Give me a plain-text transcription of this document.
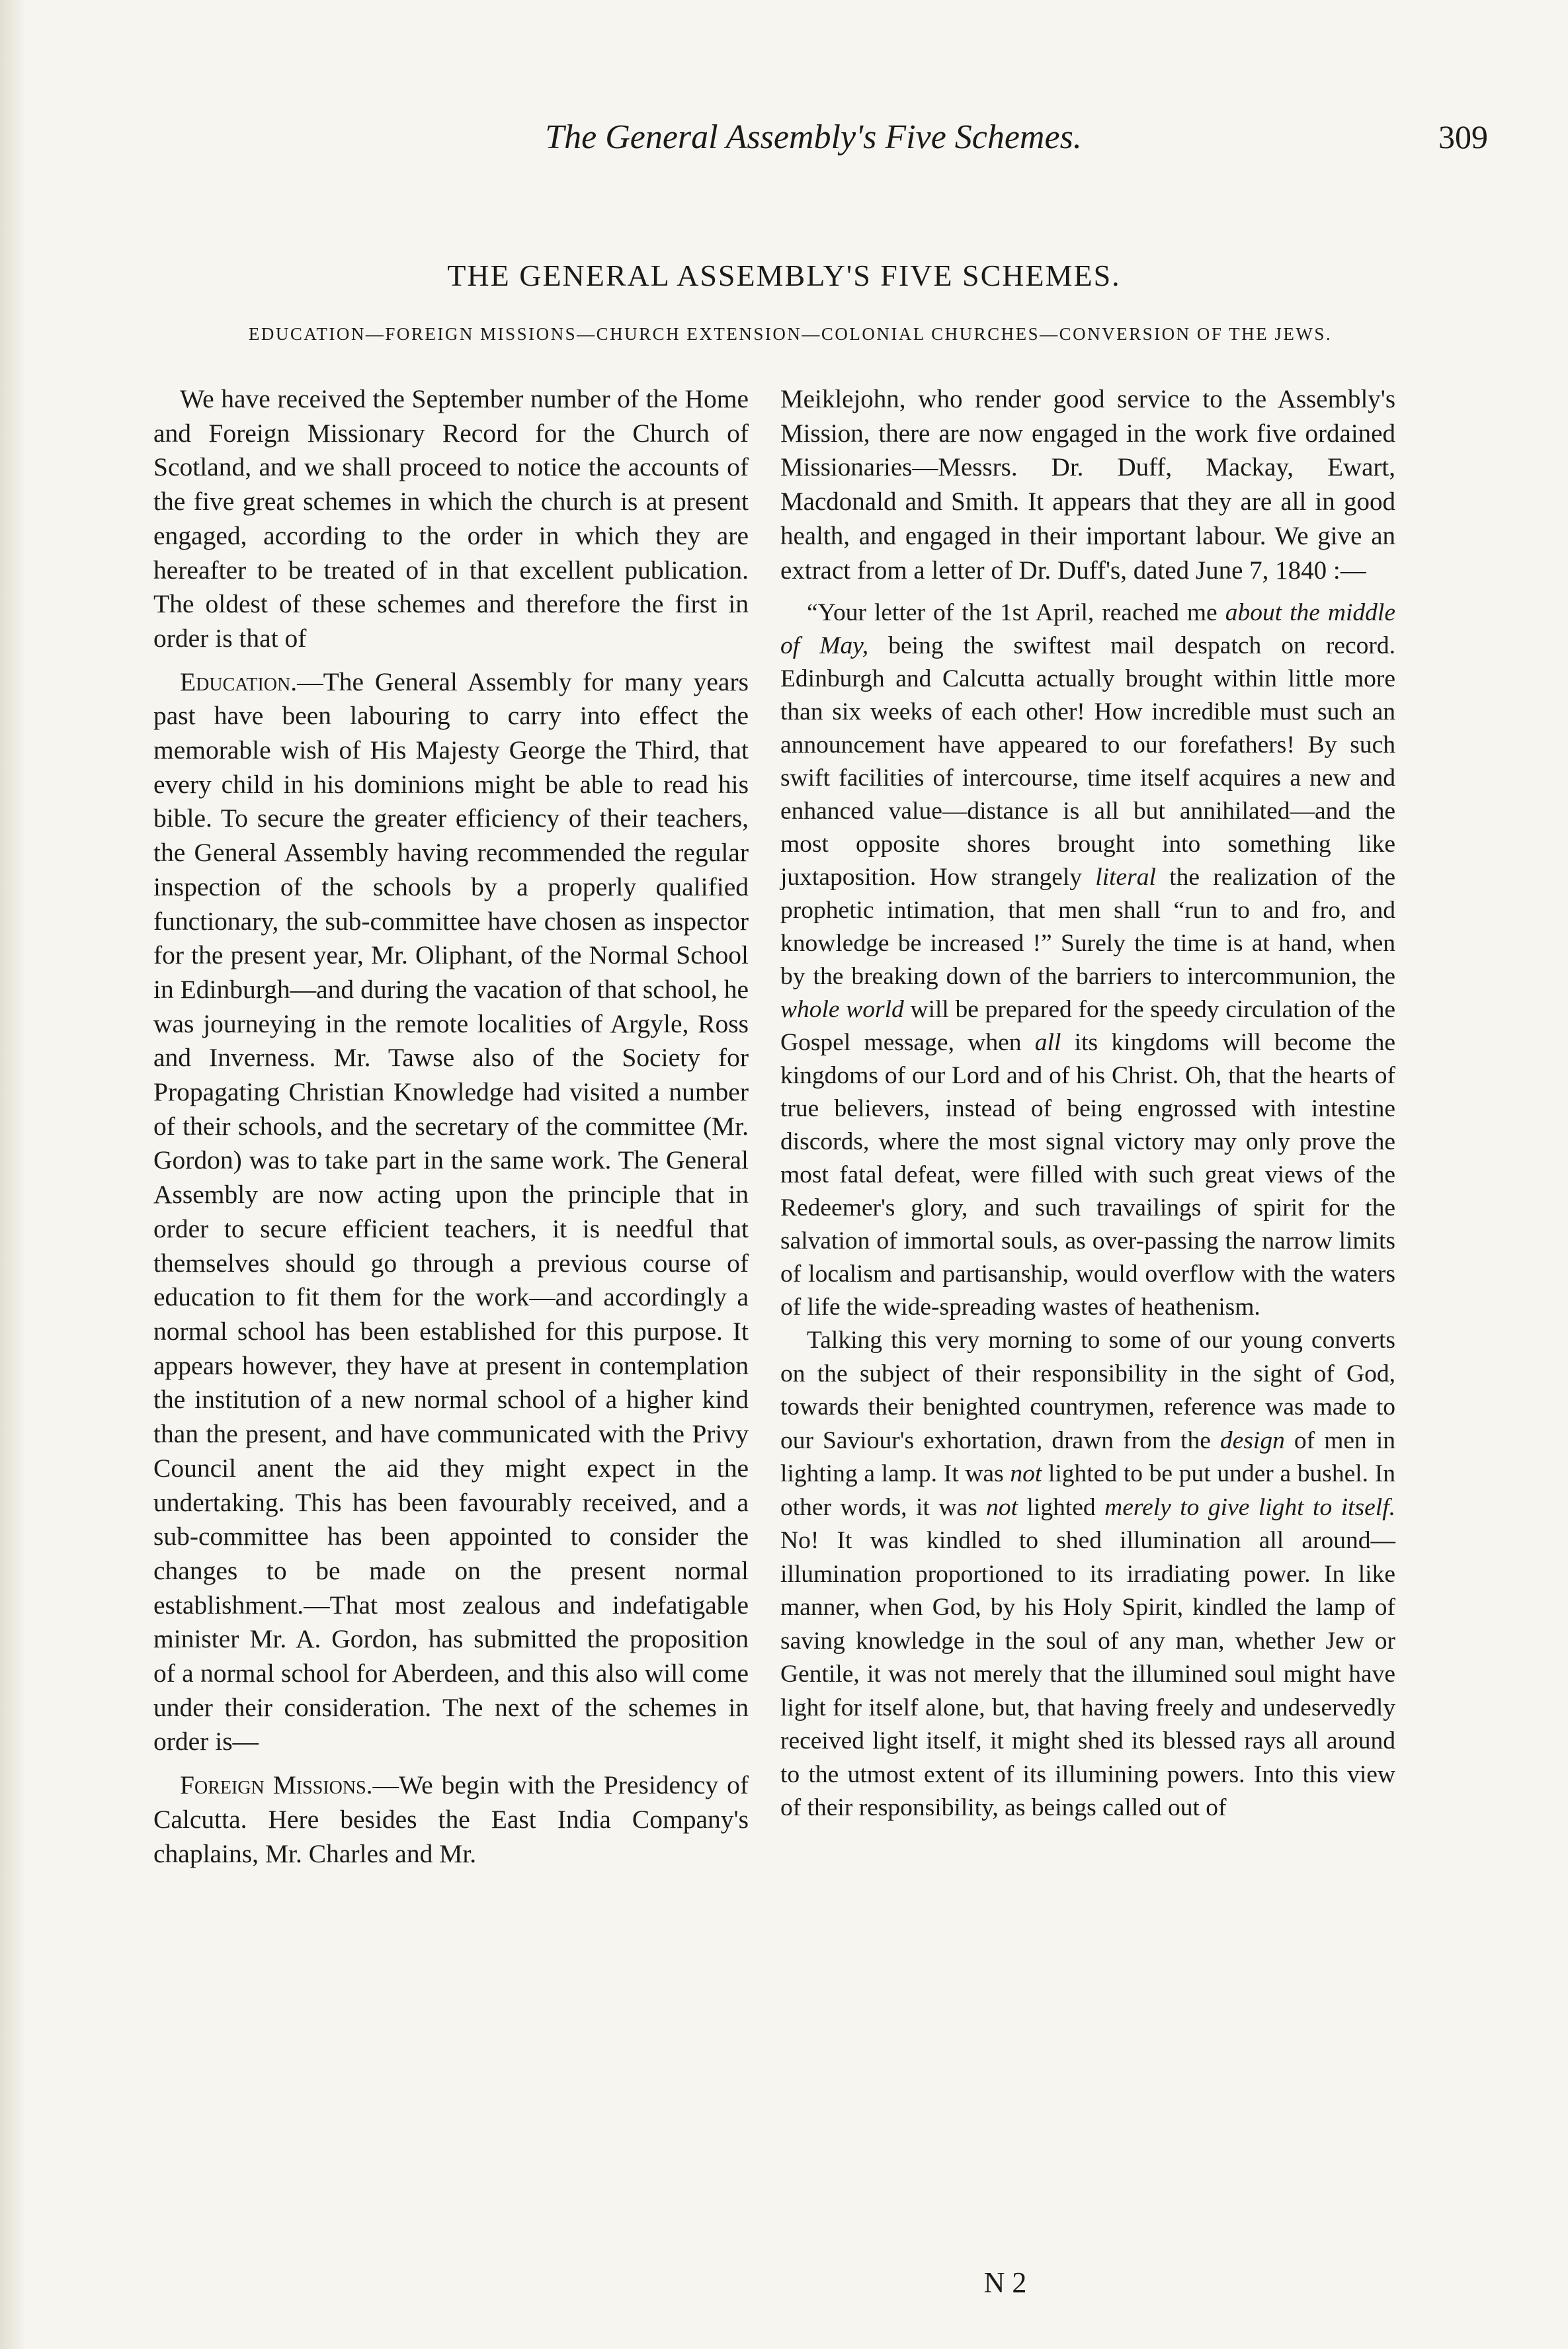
The General Assembly's Five Schemes.	309
THE GENERAL ASSEMBLY'S FIVE SCHEMES.
EDUCATION—FOREIGN MISSIONS—CHURCH EXTENSION—COLONIAL CHURCHES—CONVERSION OF THE JEWS.

We have received the September number of the Home and Foreign Missionary Record for the Church of Scotland, and we shall proceed to notice the accounts of the five great schemes in which the church is at present engaged, according to the order in which they are hereafter to be treated of in that excellent publication. The oldest of these schemes and therefore the first in order is that of

Education.—The General Assembly for many years past have been labouring to carry into effect the memorable wish of His Majesty George the Third, that every child in his dominions might be able to read his bible. To secure the greater efficiency of their teachers, the General Assembly having recommended the regular inspection of the schools by a properly qualified functionary, the sub-committee have chosen as inspector for the present year, Mr. Oliphant, of the Normal School in Edinburgh—and during the vacation of that school, he was journeying in the remote localities of Argyle, Ross and Inverness. Mr. Tawse also of the Society for Propagating Christian Knowledge had visited a number of their schools, and the secretary of the committee (Mr. Gordon) was to take part in the same work. The General Assembly are now acting upon the principle that in order to secure efficient teachers, it is needful that themselves should go through a previous course of education to fit them for the work—and accordingly a normal school has been established for this purpose. It appears however, they have at present in contemplation the institution of a new normal school of a higher kind than the present, and have communicated with the Privy Council anent the aid they might expect in the undertaking. This has been favourably received, and a sub-committee has been appointed to consider the changes to be made on the present normal establishment.—That most zealous and indefatigable minister Mr. A. Gordon, has submitted the proposition of a normal school for Aberdeen, and this also will come under their consideration. The next of the schemes in order is—

Foreign Missions.—We begin with the Presidency of Calcutta. Here besides the East India Company's chaplains, Mr. Charles and Mr.

Meiklejohn, who render good service to the Assembly's Mission, there are now engaged in the work five ordained Missionaries—Messrs. Dr. Duff, Mackay, Ewart, Macdonald and Smith. It appears that they are all in good health, and engaged in their important labour. We give an extract from a letter of Dr. Duff's, dated June 7, 1840 :—

“Your letter of the 1st April, reached me about the middle of May, being the swiftest mail despatch on record. Edinburgh and Calcutta actually brought within little more than six weeks of each other! How incredible must such an announcement have appeared to our forefathers! By such swift facilities of intercourse, time itself acquires a new and enhanced value—distance is all but annihilated—and the most opposite shores brought into something like juxtaposition. How strangely literal the realization of the prophetic intimation, that men shall “run to and fro, and knowledge be increased !” Surely the time is at hand, when by the breaking down of the barriers to intercommunion, the whole world will be prepared for the speedy circulation of the Gospel message, when all its kingdoms will become the kingdoms of our Lord and of his Christ. Oh, that the hearts of true believers, instead of being engrossed with intestine discords, where the most signal victory may only prove the most fatal defeat, were filled with such great views of the Redeemer's glory, and such travailings of spirit for the salvation of immortal souls, as over-passing the narrow limits of localism and partisanship, would overflow with the waters of life the wide-spreading wastes of heathenism.

Talking this very morning to some of our young converts on the subject of their responsibility in the sight of God, towards their benighted countrymen, reference was made to our Saviour's exhortation, drawn from the design of men in lighting a lamp. It was not lighted to be put under a bushel. In other words, it was not lighted merely to give light to itself. No! It was kindled to shed illumination all around—illumination proportioned to its irradiating power. In like manner, when God, by his Holy Spirit, kindled the lamp of saving knowledge in the soul of any man, whether Jew or Gentile, it was not merely that the illumined soul might have light for itself alone, but, that having freely and undeservedly received light itself, it might shed its blessed rays all around to the utmost extent of its illumining powers. Into this view of their responsibility, as beings called out of

N 2
